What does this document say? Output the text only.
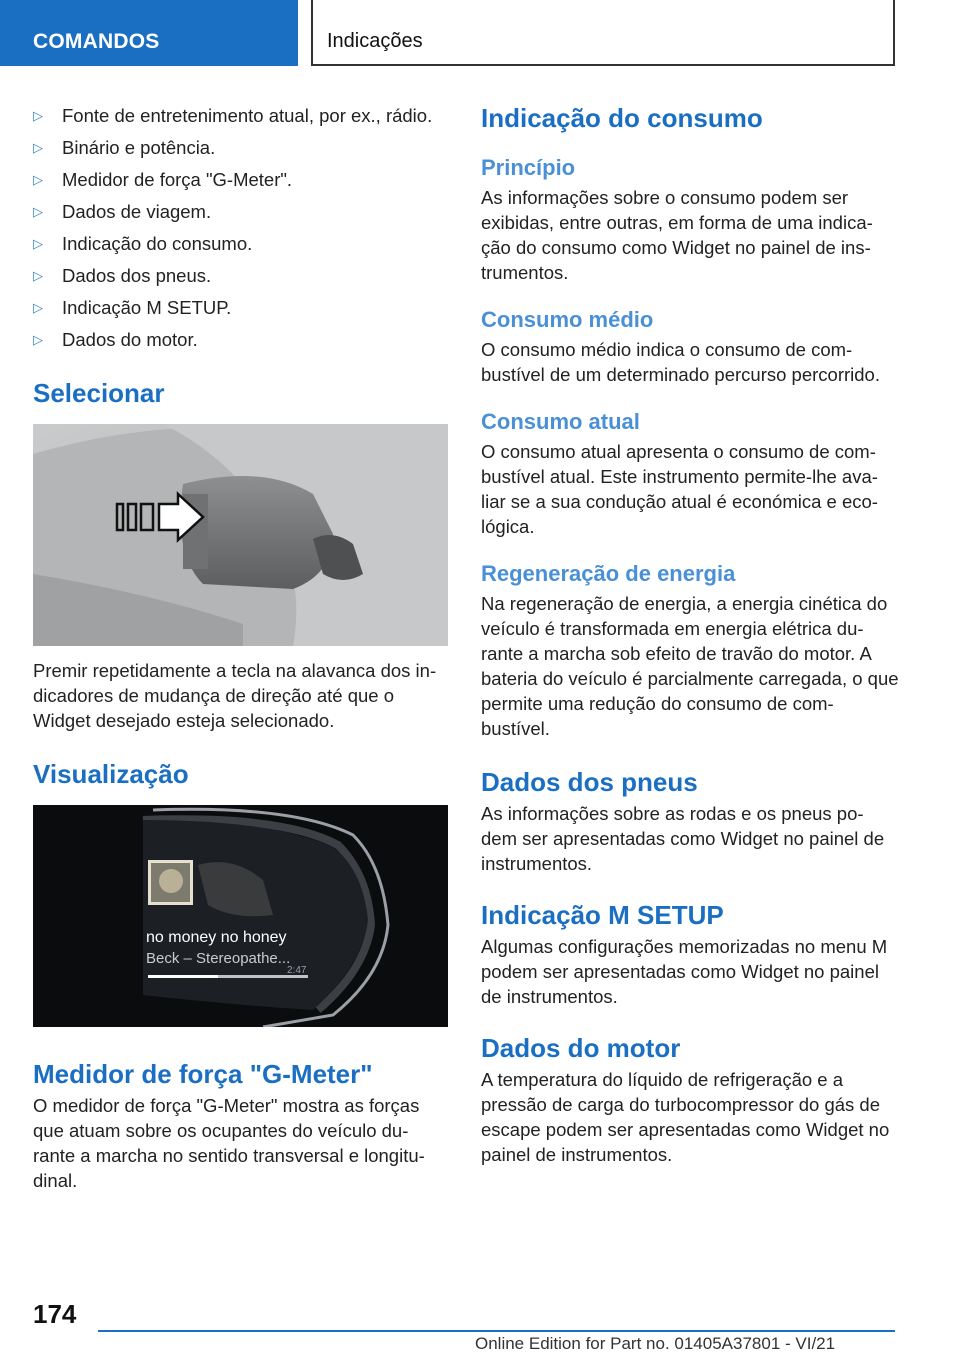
COMANDOS	Indicações
▷ Fonte de entretenimento atual, por ex., rádio.
▷ Binário e potência.
▷ Medidor de força "G-Meter".
▷ Dados de viagem.
▷ Indicação do consumo.
▷ Dados dos pneus.
▷ Indicação M SETUP.
▷ Dados do motor.
Selecionar

Premir repetidamente a tecla na alavanca dos in-dicadores de mudança de direção até que o Widget desejado esteja selecionado.

Visualização
no money no honey
Beck – Stereopathe...
2:47
Medidor de força "G-Meter"

O medidor de força "G-Meter" mostra as forças que atuam sobre os ocupantes do veículo du-rante a marcha no sentido transversal e longitu-dinal.

Indicação do consumo
Princípio

As informações sobre o consumo podem ser exibidas, entre outras, em forma de uma indica-ção do consumo como Widget no painel de ins-trumentos.

Consumo médio

O consumo médio indica o consumo de com-bustível de um determinado percurso percorrido.

Consumo atual

O consumo atual apresenta o consumo de com-bustível atual. Este instrumento permite-lhe ava-liar se a sua condução atual é económica e eco-lógica.

Regeneração de energia

Na regeneração de energia, a energia cinética do veículo é transformada em energia elétrica du-rante a marcha sob efeito de travão do motor. A bateria do veículo é parcialmente carregada, o que permite uma redução do consumo de com-bustível.

Dados dos pneus

As informações sobre as rodas e os pneus po-dem ser apresentadas como Widget no painel de instrumentos.

Indicação M SETUP

Algumas configurações memorizadas no menu M podem ser apresentadas como Widget no painel de instrumentos.

Dados do motor

A temperatura do líquido de refrigeração e a pressão de carga do turbocompressor do gás de escape podem ser apresentadas como Widget no painel de instrumentos.

174
Online Edition for Part no. 01405A37801 - VI/21
